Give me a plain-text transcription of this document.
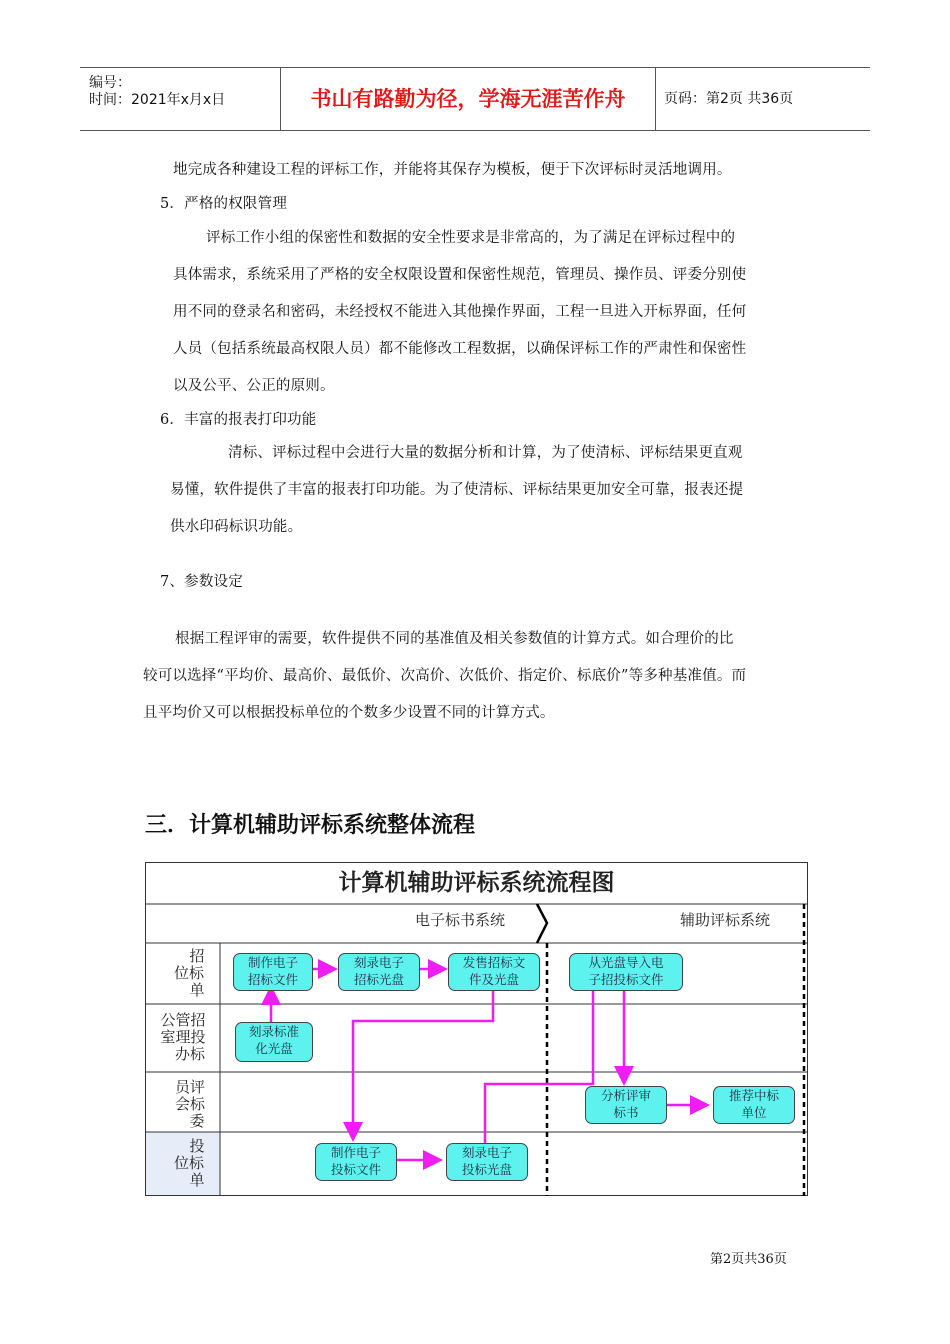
编号：
时间：2021年x月x日	书山有路勤为径，学海无涯苦作舟	页码：第2页 共36页

地完成各种建设工程的评标工作，并能将其保存为模板，便于下次评标时灵活地调用。

5．严格的权限管理

评标工作小组的保密性和数据的安全性要求是非常高的，为了满足在评标过程中的

具体需求，系统采用了严格的安全权限设置和保密性规范，管理员、操作员、评委分别使

用不同的登录名和密码，未经授权不能进入其他操作界面，工程一旦进入开标界面，任何

人员（包括系统最高权限人员）都不能修改工程数据，以确保评标工作的严肃性和保密性

以及公平、公正的原则。

6．丰富的报表打印功能

清标、评标过程中会进行大量的数据分析和计算，为了使清标、评标结果更直观

易懂，软件提供了丰富的报表打印功能。为了使清标、评标结果更加安全可靠，报表还提

供水印码标识功能。

7、参数设定

根据工程评审的需要，软件提供不同的基准值及相关参数值的计算方式。如合理价的比

较可以选择“平均价、最高价、最低价、次高价、次低价、指定价、标底价”等多种基准值。而

且平均价又可以根据投标单位的个数多少设置不同的计算方式。

三．计算机辅助评标系统整体流程
计算机辅助评标系统流程图
电子标书系统	辅助评标系统
招
位标
单
公管招
室理投
办标
员评
会标
委
投
位标
单
制作电子
招标文件
刻录电子
招标光盘
发售招标文
件及光盘
从光盘导入电
子招投标文件
刻录标准
化光盘
分析评审
标书
推荐中标
单位
制作电子
投标文件
刻录电子
投标光盘
第2页共36页
